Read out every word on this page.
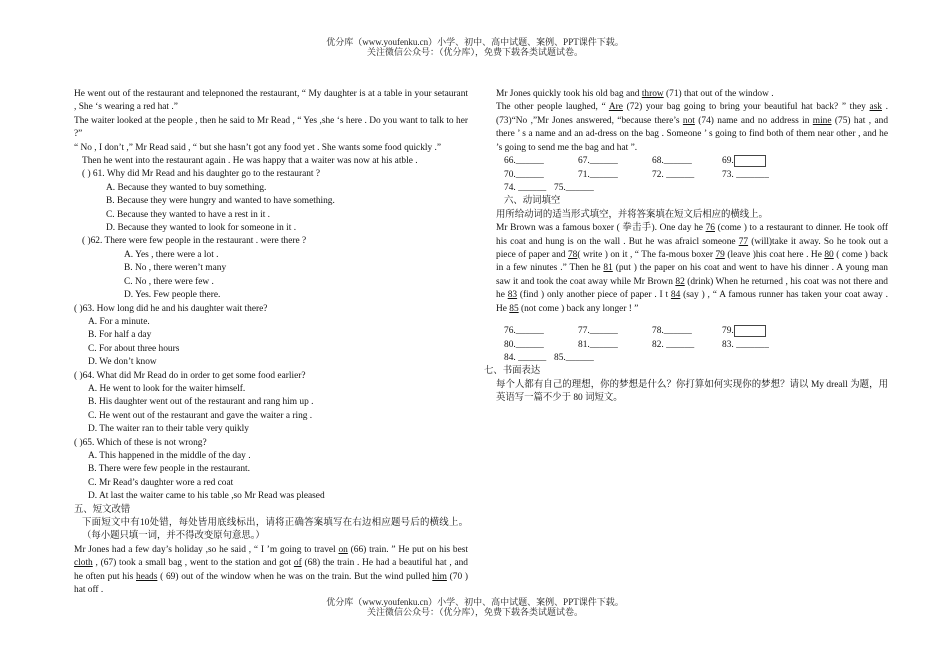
优分库（www.youfenku.cn）小学、初中、高中试题、案例、PPT课件下载。
关注微信公众号：（优分库），免费下载各类试题试卷。

He went out of the restaurant and telepnoned the restaurant, “ My daughter is at a table in your setaurant , She ‘s wearing a red hat .”

The waiter looked at the people , then he said to Mr Read , “ Yes ,she ‘s here . Do you want to talk to her ?”

“ No , I don’t ,” Mr Read said , “ but she hasn’t got any food yet . She wants some food quickly .”

Then he went into the restaurant again . He was happy that a waiter was now at his atble .

( ) 61. Why did Mr Read and his daughter go to the restaurant ?

A. Because they wanted to buy something.

B. Because they were hungry and wanted to have something.

C. Because they wanted to have a rest in it .

D. Because they wanted to look for someone in it .

( )62. There were few people in the restaurant . were there ?

A. Yes , there were a lot .

B. No , there weren’t many

C. No , there were few .

D. Yes. Few people there.

( )63. How long did he and his daughter wait there?

A. For a minute.

B. For half a day

C. For about three hours

D. We don’t know

( )64. What did Mr Read do in order to get some food earlier?

A. He went to look for the waiter himself.

B. His daughter went out of the restaurant and rang him up .

C. He went out of the restaurant and gave the waiter a ring .

D. The waiter ran to their table very quikly

( )65. Which of these is not wrong?

A. This happened in the middle of the day .

B. There were few people in the restaurant.

C. Mr Read’s daughter wore a red coat

D. At last the waiter came to his table ,so Mr Read was pleased

五、短文改错

下面短文中有10处错，每处皆用底线标出，请将正确答案填写在右边相应题号后的横线上。（每小题只填一词，并不得改变原句意思。）

Mr Jones had a few day’s holiday ,so he said , “ I ’m going to travel on (66) train. ” He put on his best cloth , (67) took a small bag , went to the station and got of (68) the train . He had a beautiful hat , and he often put his heads ( 69) out of the window when he was on the train. But the wind pulled him (70 ) hat off .

Mr Jones quickly took his old bag and throw (71) that out of the window .

The other people laughed, “ Are (72) your bag going to bring your beautiful hat back? ” they ask . (73)“No ,”Mr Jones answered, “because there’s not (74) name and no address in mine (75) hat , and there ’ s a name and an ad-dress on the bag . Someone ’ s going to find both of them near other , and he ’s going to send me the bag and hat ”.

66.______	67.______	68.______	69.
70.______	71.______	72. ______	73. _______
74. ______ 75.______

六、动词填空

用所给动词的适当形式填空，并将答案填在短文后相应的横线上。

Mr Brown was a famous boxer ( 拳击手). One day he 76 (come ) to a restaurant to dinner. He took off his coat and hung is on the wall . But he was afraicl someone 77 (will)take it away. So he took out a piece of paper and 78( write ) on it , “ The fa-mous boxer 79 (leave )his coat here . He 80 ( come ) back in a few ninutes .” Then he 81 (put ) the paper on his coat and went to have his dinner . A young man saw it and took the coat away while Mr Brown 82 (drink) When he returned , his coat was not there and he 83 (find ) only another piece of paper . I t 84 (say ) , “ A famous runner has taken your coat away . He 85 (not come ) back any longer ! ”

76.______	77.______	78.______	79.
80.______	81.______	82. ______	83. _______
84. ______ 85.______

七、书面表达

每个人都有自己的理想，你的梦想是什么？你打算如何实现你的梦想？请以 My dreall 为题，用英语写一篇不少于 80 词短文。

优分库（www.youfenku.cn）小学、初中、高中试题、案例、PPT课件下载。
关注微信公众号：（优分库），免费下载各类试题试卷。
